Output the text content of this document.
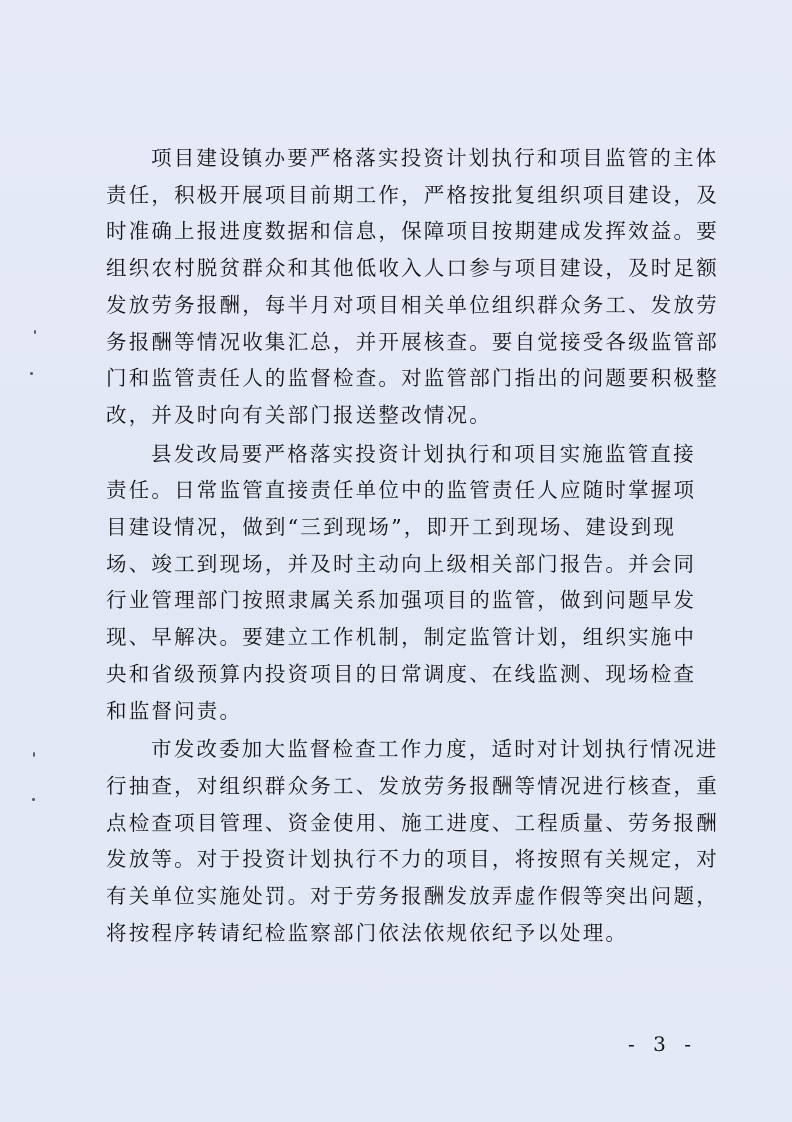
项目建设镇办要严格落实投资计划执行和项目监管的主体
责任，积极开展项目前期工作，严格按批复组织项目建设，及
时准确上报进度数据和信息，保障项目按期建成发挥效益。要
组织农村脱贫群众和其他低收入人口参与项目建设，及时足额
发放劳务报酬，每半月对项目相关单位组织群众务工、发放劳
务报酬等情况收集汇总，并开展核查。要自觉接受各级监管部
门和监管责任人的监督检查。对监管部门指出的问题要积极整
改，并及时向有关部门报送整改情况。

县发改局要严格落实投资计划执行和项目实施监管直接
责任。日常监管直接责任单位中的监管责任人应随时掌握项
目建设情况，做到“三到现场”，即开工到现场、建设到现
场、竣工到现场，并及时主动向上级相关部门报告。并会同
行业管理部门按照隶属关系加强项目的监管，做到问题早发
现、早解决。要建立工作机制，制定监管计划，组织实施中
央和省级预算内投资项目的日常调度、在线监测、现场检查
和监督问责。

市发改委加大监督检查工作力度，适时对计划执行情况进
行抽查，对组织群众务工、发放劳务报酬等情况进行核查，重
点检查项目管理、资金使用、施工进度、工程质量、劳务报酬
发放等。对于投资计划执行不力的项目，将按照有关规定，对
有关单位实施处罚。对于劳务报酬发放弄虚作假等突出问题，
将按程序转请纪检监察部门依法依规依纪予以处理。

- 3 -
